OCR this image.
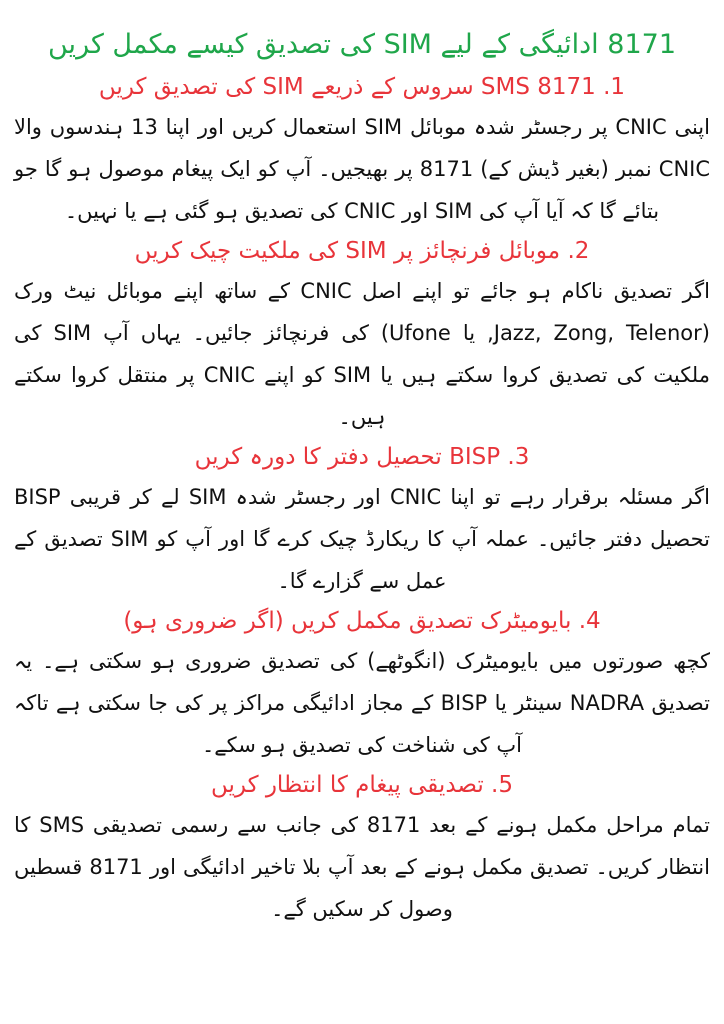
8171 ادائیگی کے لیے SIM کی تصدیق کیسے مکمل کریں
1. SMS 8171 سروس کے ذریعے SIM کی تصدیق کریں

اپنی CNIC پر رجسٹر شدہ موبائل SIM استعمال کریں اور اپنا 13 ہندسوں والا CNIC نمبر (بغیر ڈیش کے) 8171 پر بھیجیں۔ آپ کو ایک پیغام موصول ہو گا جو بتائے گا کہ آیا آپ کی SIM اور CNIC کی تصدیق ہو گئی ہے یا نہیں۔

2. موبائل فرنچائز پر SIM کی ملکیت چیک کریں

اگر تصدیق ناکام ہو جائے تو اپنے اصل CNIC کے ساتھ اپنے موبائل نیٹ ورک (Jazz, Zong, Telenor, یا Ufone) کی فرنچائز جائیں۔ یہاں آپ SIM کی ملکیت کی تصدیق کروا سکتے ہیں یا SIM کو اپنے CNIC پر منتقل کروا سکتے ہیں۔

3. BISP تحصیل دفتر کا دورہ کریں

اگر مسئلہ برقرار رہے تو اپنا CNIC اور رجسٹر شدہ SIM لے کر قریبی BISP تحصیل دفتر جائیں۔ عملہ آپ کا ریکارڈ چیک کرے گا اور آپ کو SIM تصدیق کے عمل سے گزارے گا۔

4. بایومیٹرک تصدیق مکمل کریں (اگر ضروری ہو)

کچھ صورتوں میں بایومیٹرک (انگوٹھے) کی تصدیق ضروری ہو سکتی ہے۔ یہ تصدیق NADRA سینٹر یا BISP کے مجاز ادائیگی مراکز پر کی جا سکتی ہے تاکہ آپ کی شناخت کی تصدیق ہو سکے۔

5. تصدیقی پیغام کا انتظار کریں

تمام مراحل مکمل ہونے کے بعد 8171 کی جانب سے رسمی تصدیقی SMS کا انتظار کریں۔ تصدیق مکمل ہونے کے بعد آپ بلا تاخیر ادائیگی اور 8171 قسطیں وصول کر سکیں گے۔
